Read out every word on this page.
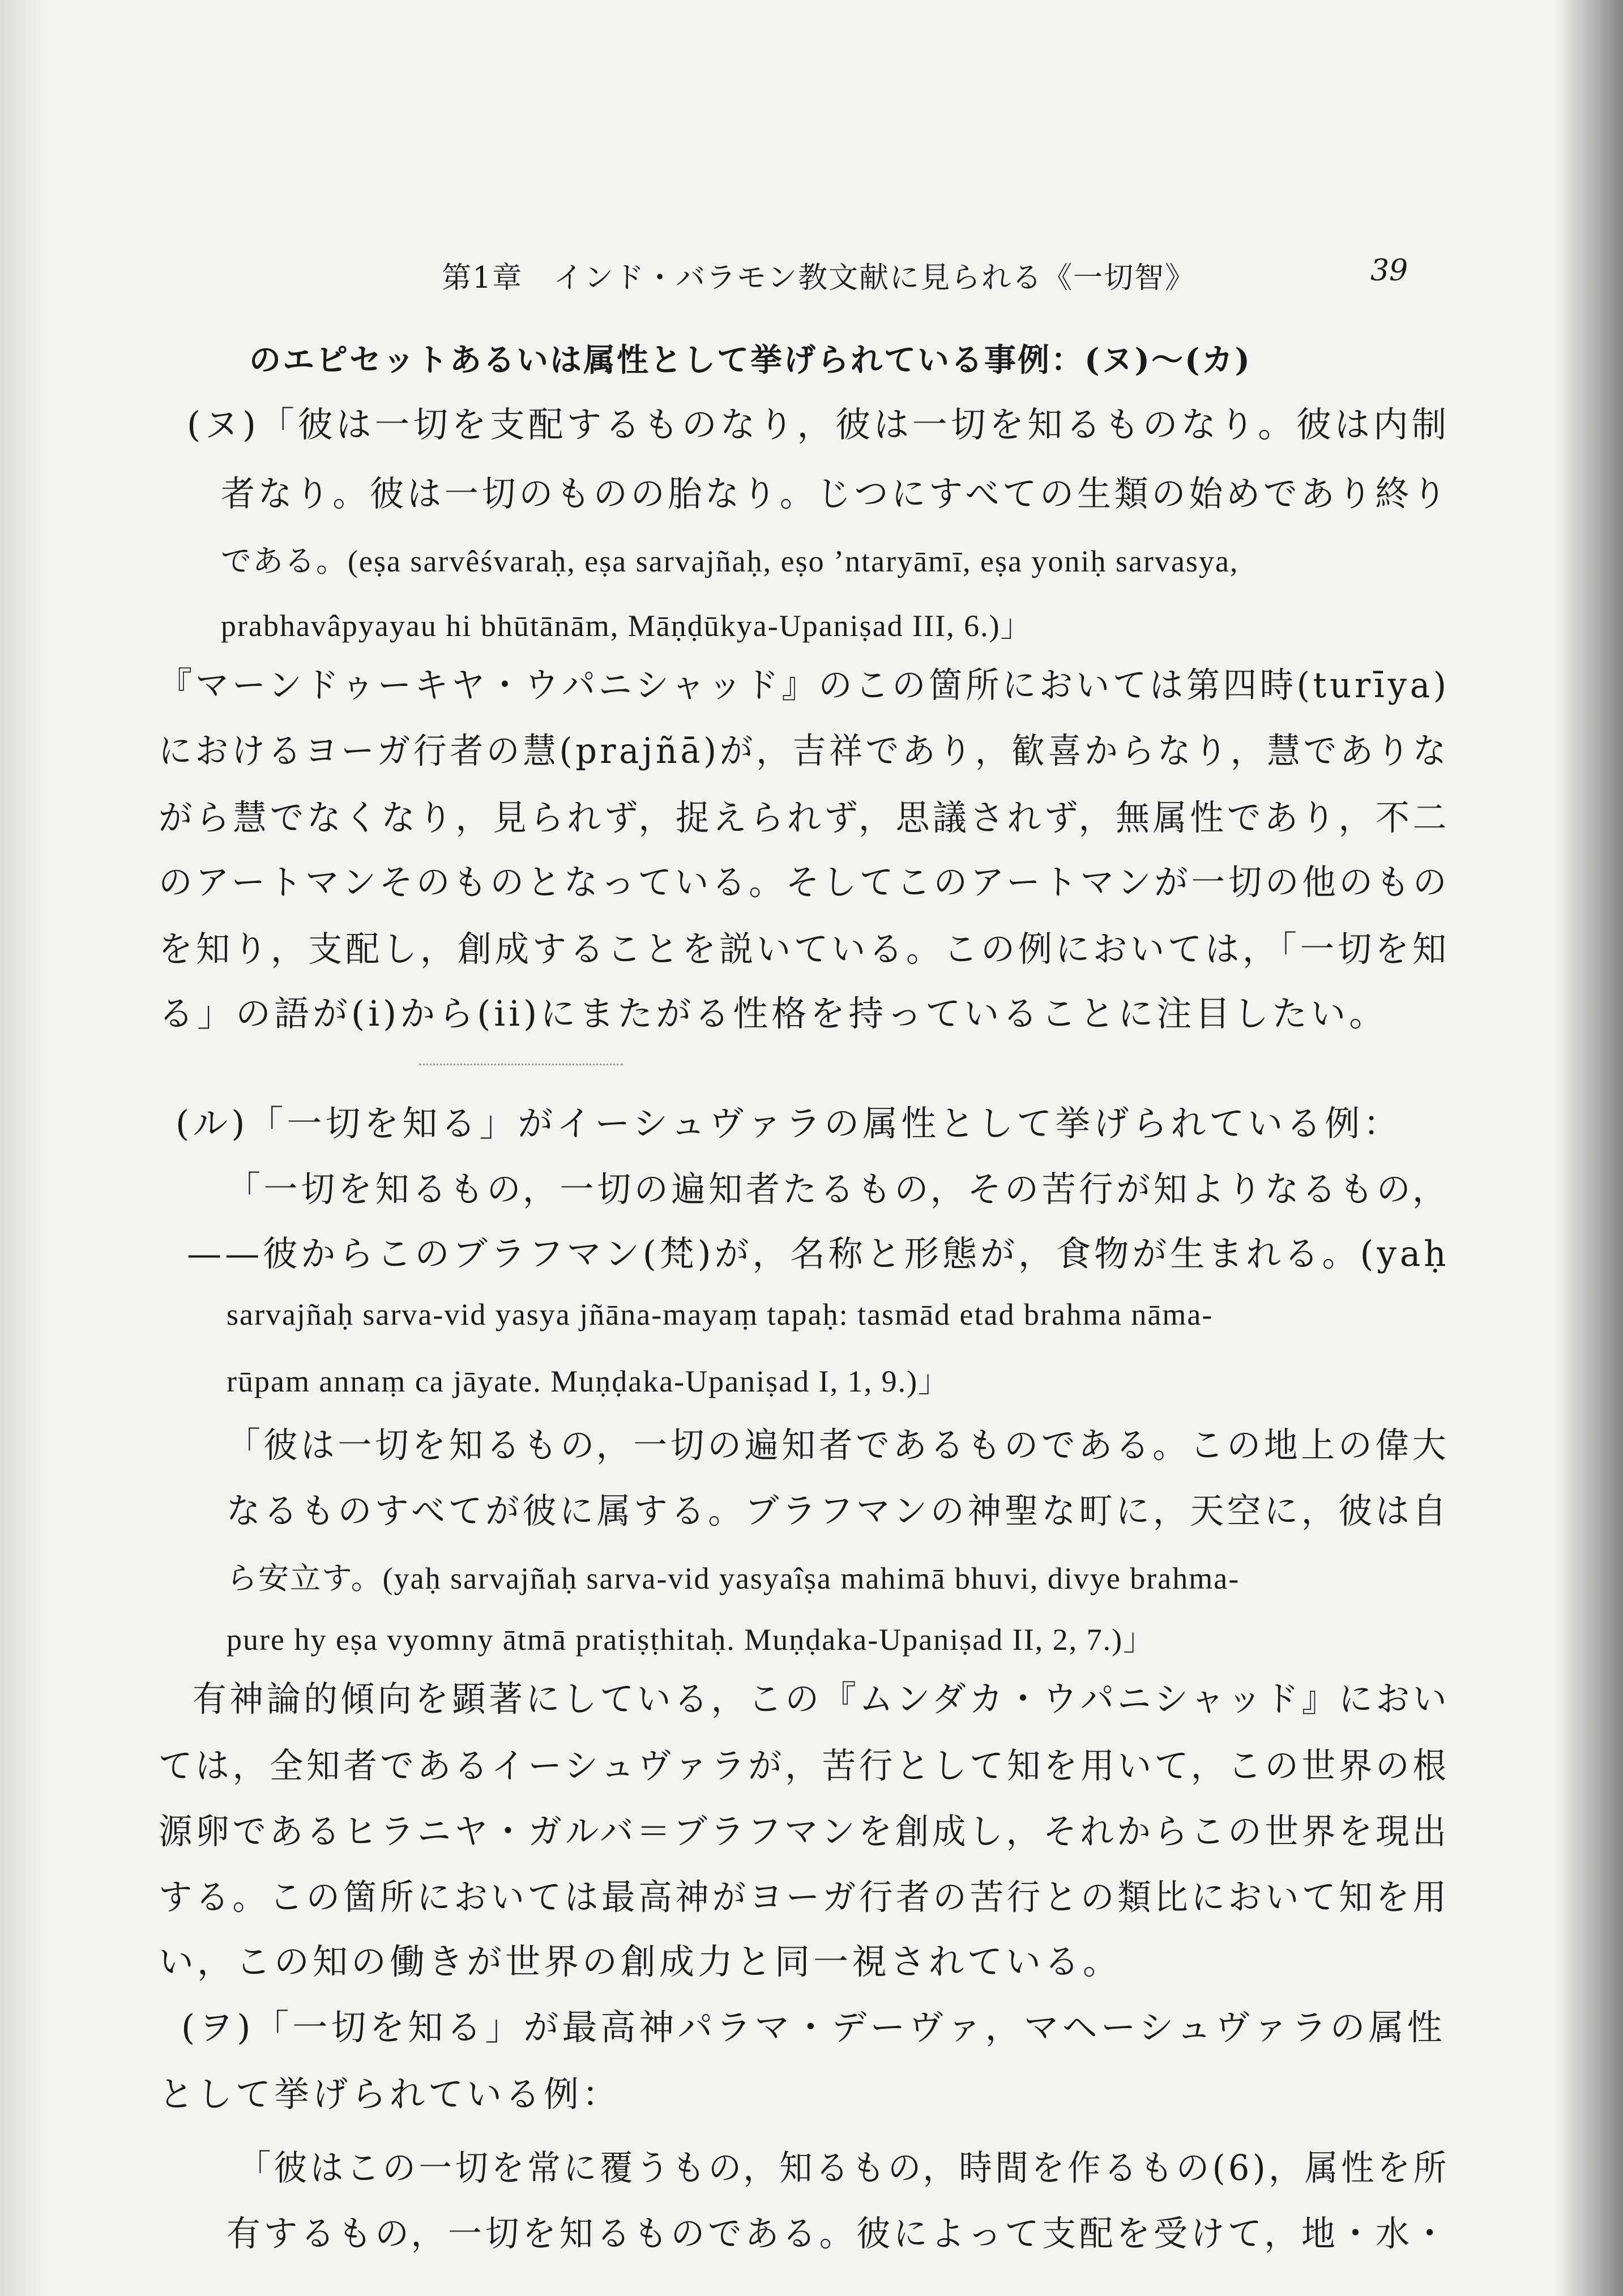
第1章　インド・バラモン教文献に見られる《一切智》	39
のエピセットあるいは属性として挙げられている事例：(ヌ)〜(カ)
(ヌ)「彼は一切を支配するものなり，彼は一切を知るものなり。彼は内制
者なり。彼は一切のものの胎なり。じつにすべての生類の始めであり終り
である。(eṣa sarvêśvaraḥ, eṣa sarvajñaḥ, eṣo ’ntaryāmī, eṣa yoniḥ sarvasya,
prabhavâpyayau hi bhūtānām, Māṇḍūkya-Upaniṣad III, 6.)」
『マーンドゥーキヤ・ウパニシャッド』のこの箇所においては第四時(turīya)
におけるヨーガ行者の慧(prajñā)が，吉祥であり，歓喜からなり，慧でありな
がら慧でなくなり，見られず，捉えられず，思議されず，無属性であり，不二
のアートマンそのものとなっている。そしてこのアートマンが一切の他のもの
を知り，支配し，創成することを説いている。この例においては，「一切を知
る」の語が(i)から(ii)にまたがる性格を持っていることに注目したい。
(ル)「一切を知る」がイーシュヴァラの属性として挙げられている例：
「一切を知るもの，一切の遍知者たるもの，その苦行が知よりなるもの，
——彼からこのブラフマン(梵)が，名称と形態が，食物が生まれる。(yaḥ
sarvajñaḥ sarva-vid yasya jñāna-mayaṃ tapaḥ: tasmād etad brahma nāma-
rūpam annaṃ ca jāyate. Muṇḍaka-Upaniṣad I, 1, 9.)」
「彼は一切を知るもの，一切の遍知者であるものである。この地上の偉大
なるものすべてが彼に属する。ブラフマンの神聖な町に，天空に，彼は自
ら安立す。(yaḥ sarvajñaḥ sarva-vid yasyaîṣa mahimā bhuvi, divye brahma-
pure hy eṣa vyomny ātmā pratiṣṭhitaḥ. Muṇḍaka-Upaniṣad II, 2, 7.)」
有神論的傾向を顕著にしている，この『ムンダカ・ウパニシャッド』におい
ては，全知者であるイーシュヴァラが，苦行として知を用いて，この世界の根
源卵であるヒラニヤ・ガルバ＝ブラフマンを創成し，それからこの世界を現出
する。この箇所においては最高神がヨーガ行者の苦行との類比において知を用
い，この知の働きが世界の創成力と同一視されている。
(ヲ)「一切を知る」が最高神パラマ・デーヴァ，マヘーシュヴァラの属性
として挙げられている例：
「彼はこの一切を常に覆うもの，知るもの，時間を作るもの(6)，属性を所
有するもの，一切を知るものである。彼によって支配を受けて，地・水・
